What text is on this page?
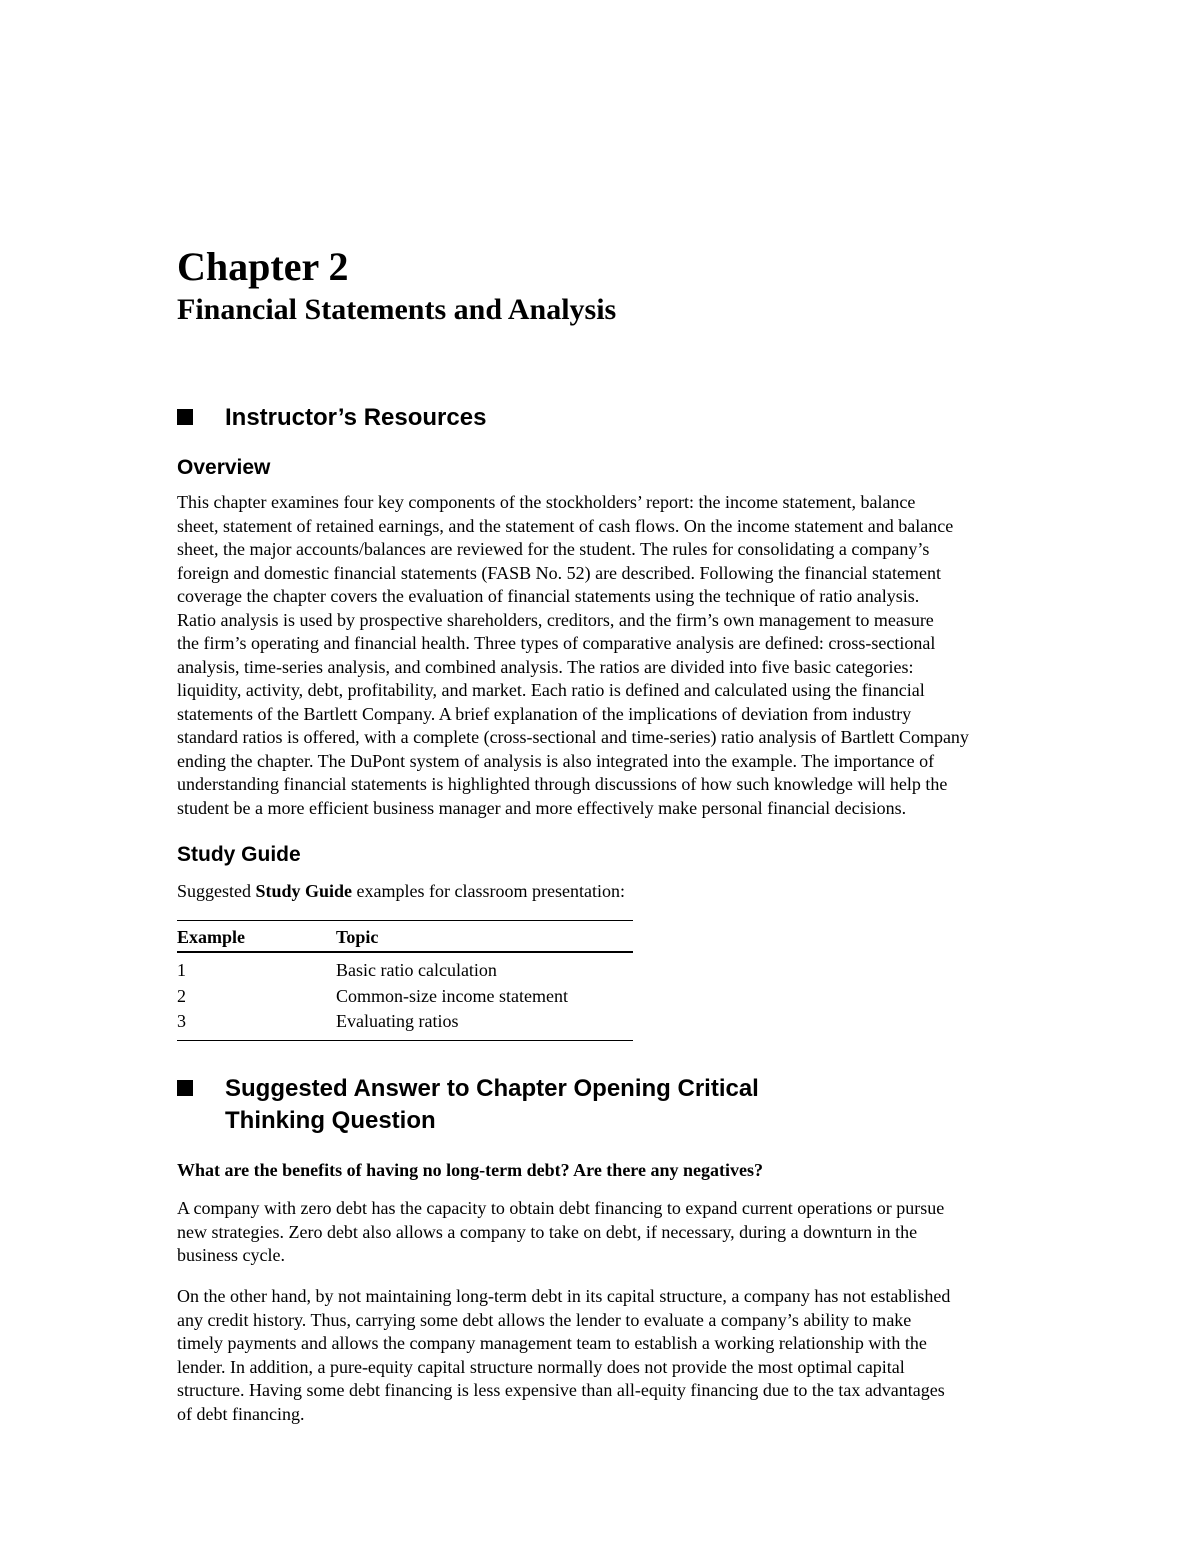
Chapter 2
Financial Statements and Analysis
Instructor’s Resources
Overview

This chapter examines four key components of the stockholders’ report: the income statement, balance
sheet, statement of retained earnings, and the statement of cash flows. On the income statement and balance
sheet, the major accounts/balances are reviewed for the student. The rules for consolidating a company’s
foreign and domestic financial statements (FASB No. 52) are described. Following the financial statement
coverage the chapter covers the evaluation of financial statements using the technique of ratio analysis.
Ratio analysis is used by prospective shareholders, creditors, and the firm’s own management to measure
the firm’s operating and financial health. Three types of comparative analysis are defined: cross-sectional
analysis, time-series analysis, and combined analysis. The ratios are divided into five basic categories:
liquidity, activity, debt, profitability, and market. Each ratio is defined and calculated using the financial
statements of the Bartlett Company. A brief explanation of the implications of deviation from industry
standard ratios is offered, with a complete (cross-sectional and time-series) ratio analysis of Bartlett Company
ending the chapter. The DuPont system of analysis is also integrated into the example. The importance of
understanding financial statements is highlighted through discussions of how such knowledge will help the
student be a more efficient business manager and more effectively make personal financial decisions.

Study Guide

Suggested Study Guide examples for classroom presentation:

Example	Topic
1	Basic ratio calculation
2	Common-size income statement
3	Evaluating ratios
Suggested Answer to Chapter Opening Critical
Thinking Question

What are the benefits of having no long-term debt? Are there any negatives?

A company with zero debt has the capacity to obtain debt financing to expand current operations or pursue
new strategies. Zero debt also allows a company to take on debt, if necessary, during a downturn in the
business cycle.

On the other hand, by not maintaining long-term debt in its capital structure, a company has not established
any credit history. Thus, carrying some debt allows the lender to evaluate a company’s ability to make
timely payments and allows the company management team to establish a working relationship with the
lender. In addition, a pure-equity capital structure normally does not provide the most optimal capital
structure. Having some debt financing is less expensive than all-equity financing due to the tax advantages
of debt financing.
